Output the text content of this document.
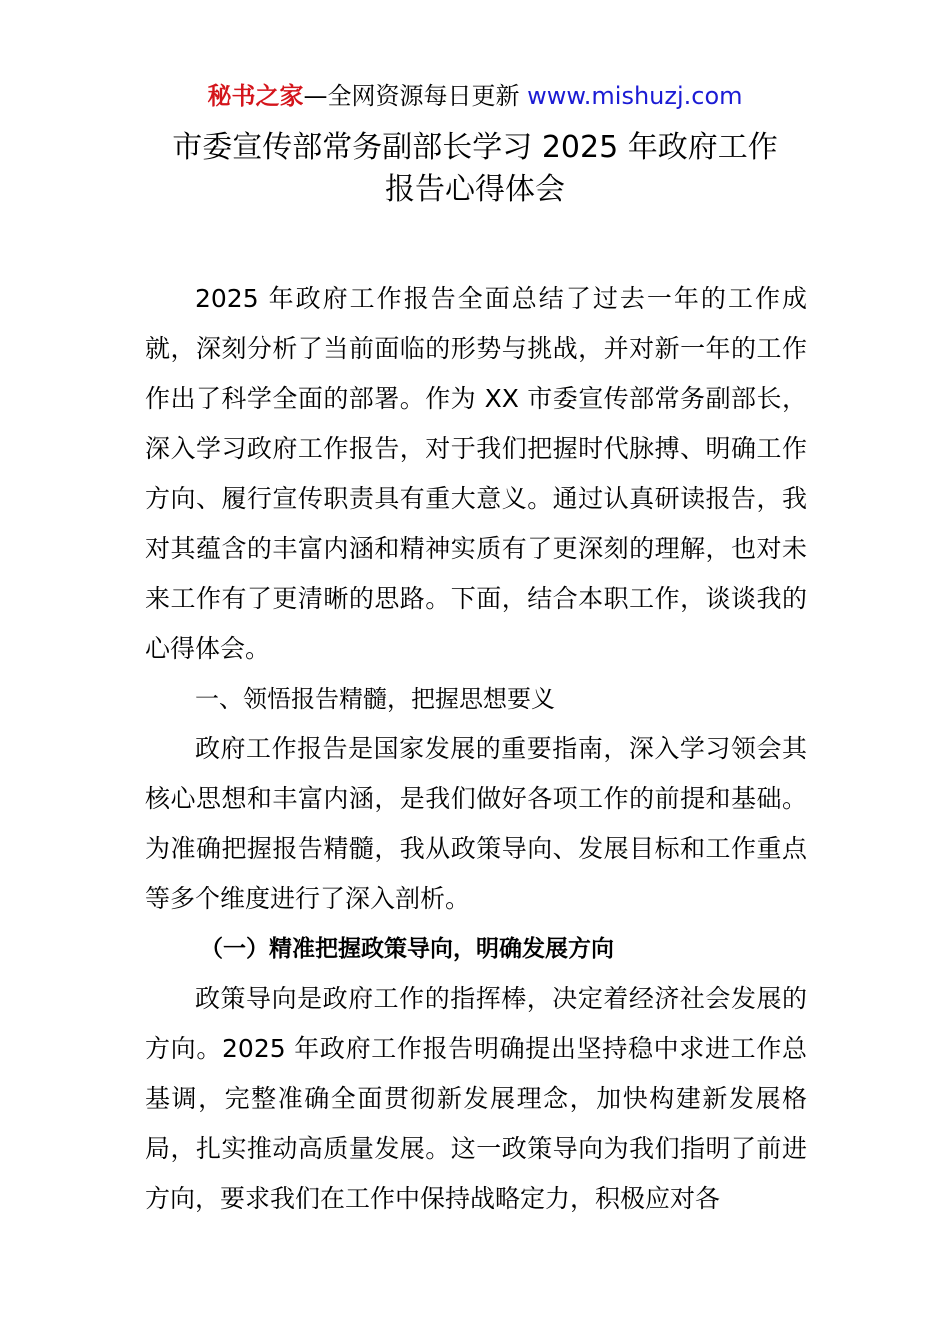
秘书之家—全网资源每日更新 www.mishuzj.com
市委宣传部常务副部长学习 2025 年政府工作
报告心得体会

2025 年政府工作报告全面总结了过去一年的工作成就，深刻分析了当前面临的形势与挑战，并对新一年的工作作出了科学全面的部署。作为 XX 市委宣传部常务副部长，深入学习政府工作报告，对于我们把握时代脉搏、明确工作方向、履行宣传职责具有重大意义。通过认真研读报告，我对其蕴含的丰富内涵和精神实质有了更深刻的理解，也对未来工作有了更清晰的思路。下面，结合本职工作，谈谈我的心得体会。

一、领悟报告精髓，把握思想要义

政府工作报告是国家发展的重要指南，深入学习领会其核心思想和丰富内涵，是我们做好各项工作的前提和基础。为准确把握报告精髓，我从政策导向、发展目标和工作重点等多个维度进行了深入剖析。

（一）精准把握政策导向，明确发展方向

政策导向是政府工作的指挥棒，决定着经济社会发展的方向。2025 年政府工作报告明确提出坚持稳中求进工作总基调，完整准确全面贯彻新发展理念，加快构建新发展格局，扎实推动高质量发展。这一政策导向为我们指明了前进方向，要求我们在工作中保持战略定力，积极应对各
